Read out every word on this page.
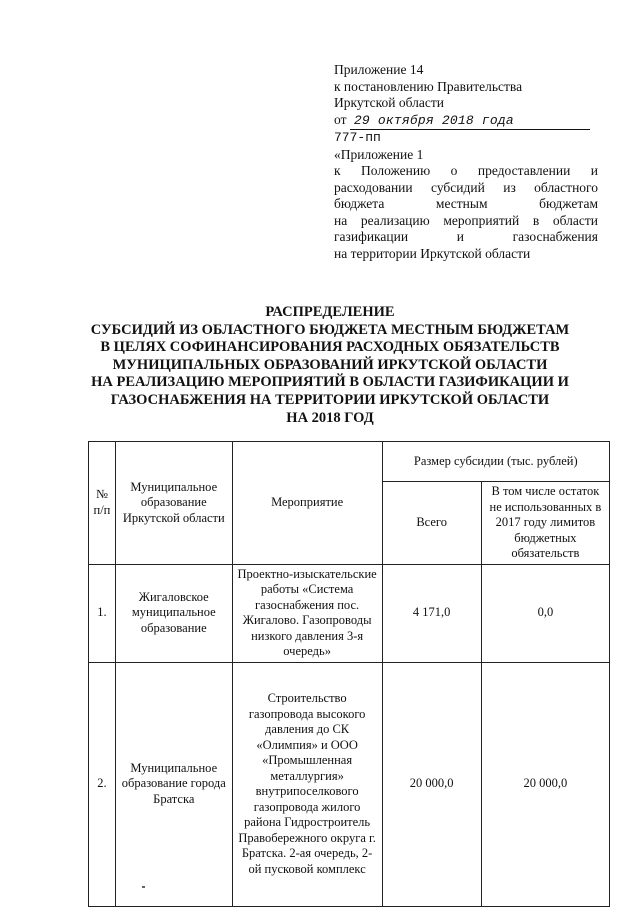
Приложение 14
к постановлению Правительства
Иркутской области
от 29 октября 2018 года
777-пп
«Приложение 1
к Положению о предоставлении и
расходовании субсидий из областного
бюджета местным бюджетам
на реализацию мероприятий в области
газификации и газоснабжения
на территории Иркутской области
РАСПРЕДЕЛЕНИЕ
СУБСИДИЙ ИЗ ОБЛАСТНОГО БЮДЖЕТА МЕСТНЫМ БЮДЖЕТАМ
В ЦЕЛЯХ СОФИНАНСИРОВАНИЯ РАСХОДНЫХ ОБЯЗАТЕЛЬСТВ
МУНИЦИПАЛЬНЫХ ОБРАЗОВАНИЙ ИРКУТСКОЙ ОБЛАСТИ
НА РЕАЛИЗАЦИЮ МЕРОПРИЯТИЙ В ОБЛАСТИ ГАЗИФИКАЦИИ И
ГАЗОСНАБЖЕНИЯ НА ТЕРРИТОРИИ ИРКУТСКОЙ ОБЛАСТИ
НА 2018 ГОД
№ п/п	Муниципальное образование Иркутской области	Мероприятие	Размер субсидии (тыс. рублей)	

			Всего	В том числе остаток не использованных в 2017 году лимитов бюджетных обязательств

1.	Жигаловское муниципальное образование	Проектно-изыскательские работы «Система газоснабжения пос. Жигалово. Газопроводы низкого давления 3-я очередь»	4 171,0	0,0
2.	Муниципальное образование города Братска	Строительство газопровода высокого давления до СК «Олимпия» и ООО «Промышленная металлургия» внутрипоселкового газопровода жилого района Гидростроитель Правобережного округа г. Братска. 2-ая очередь, 2-ой пусковой комплекс	20 000,0	20 000,0
